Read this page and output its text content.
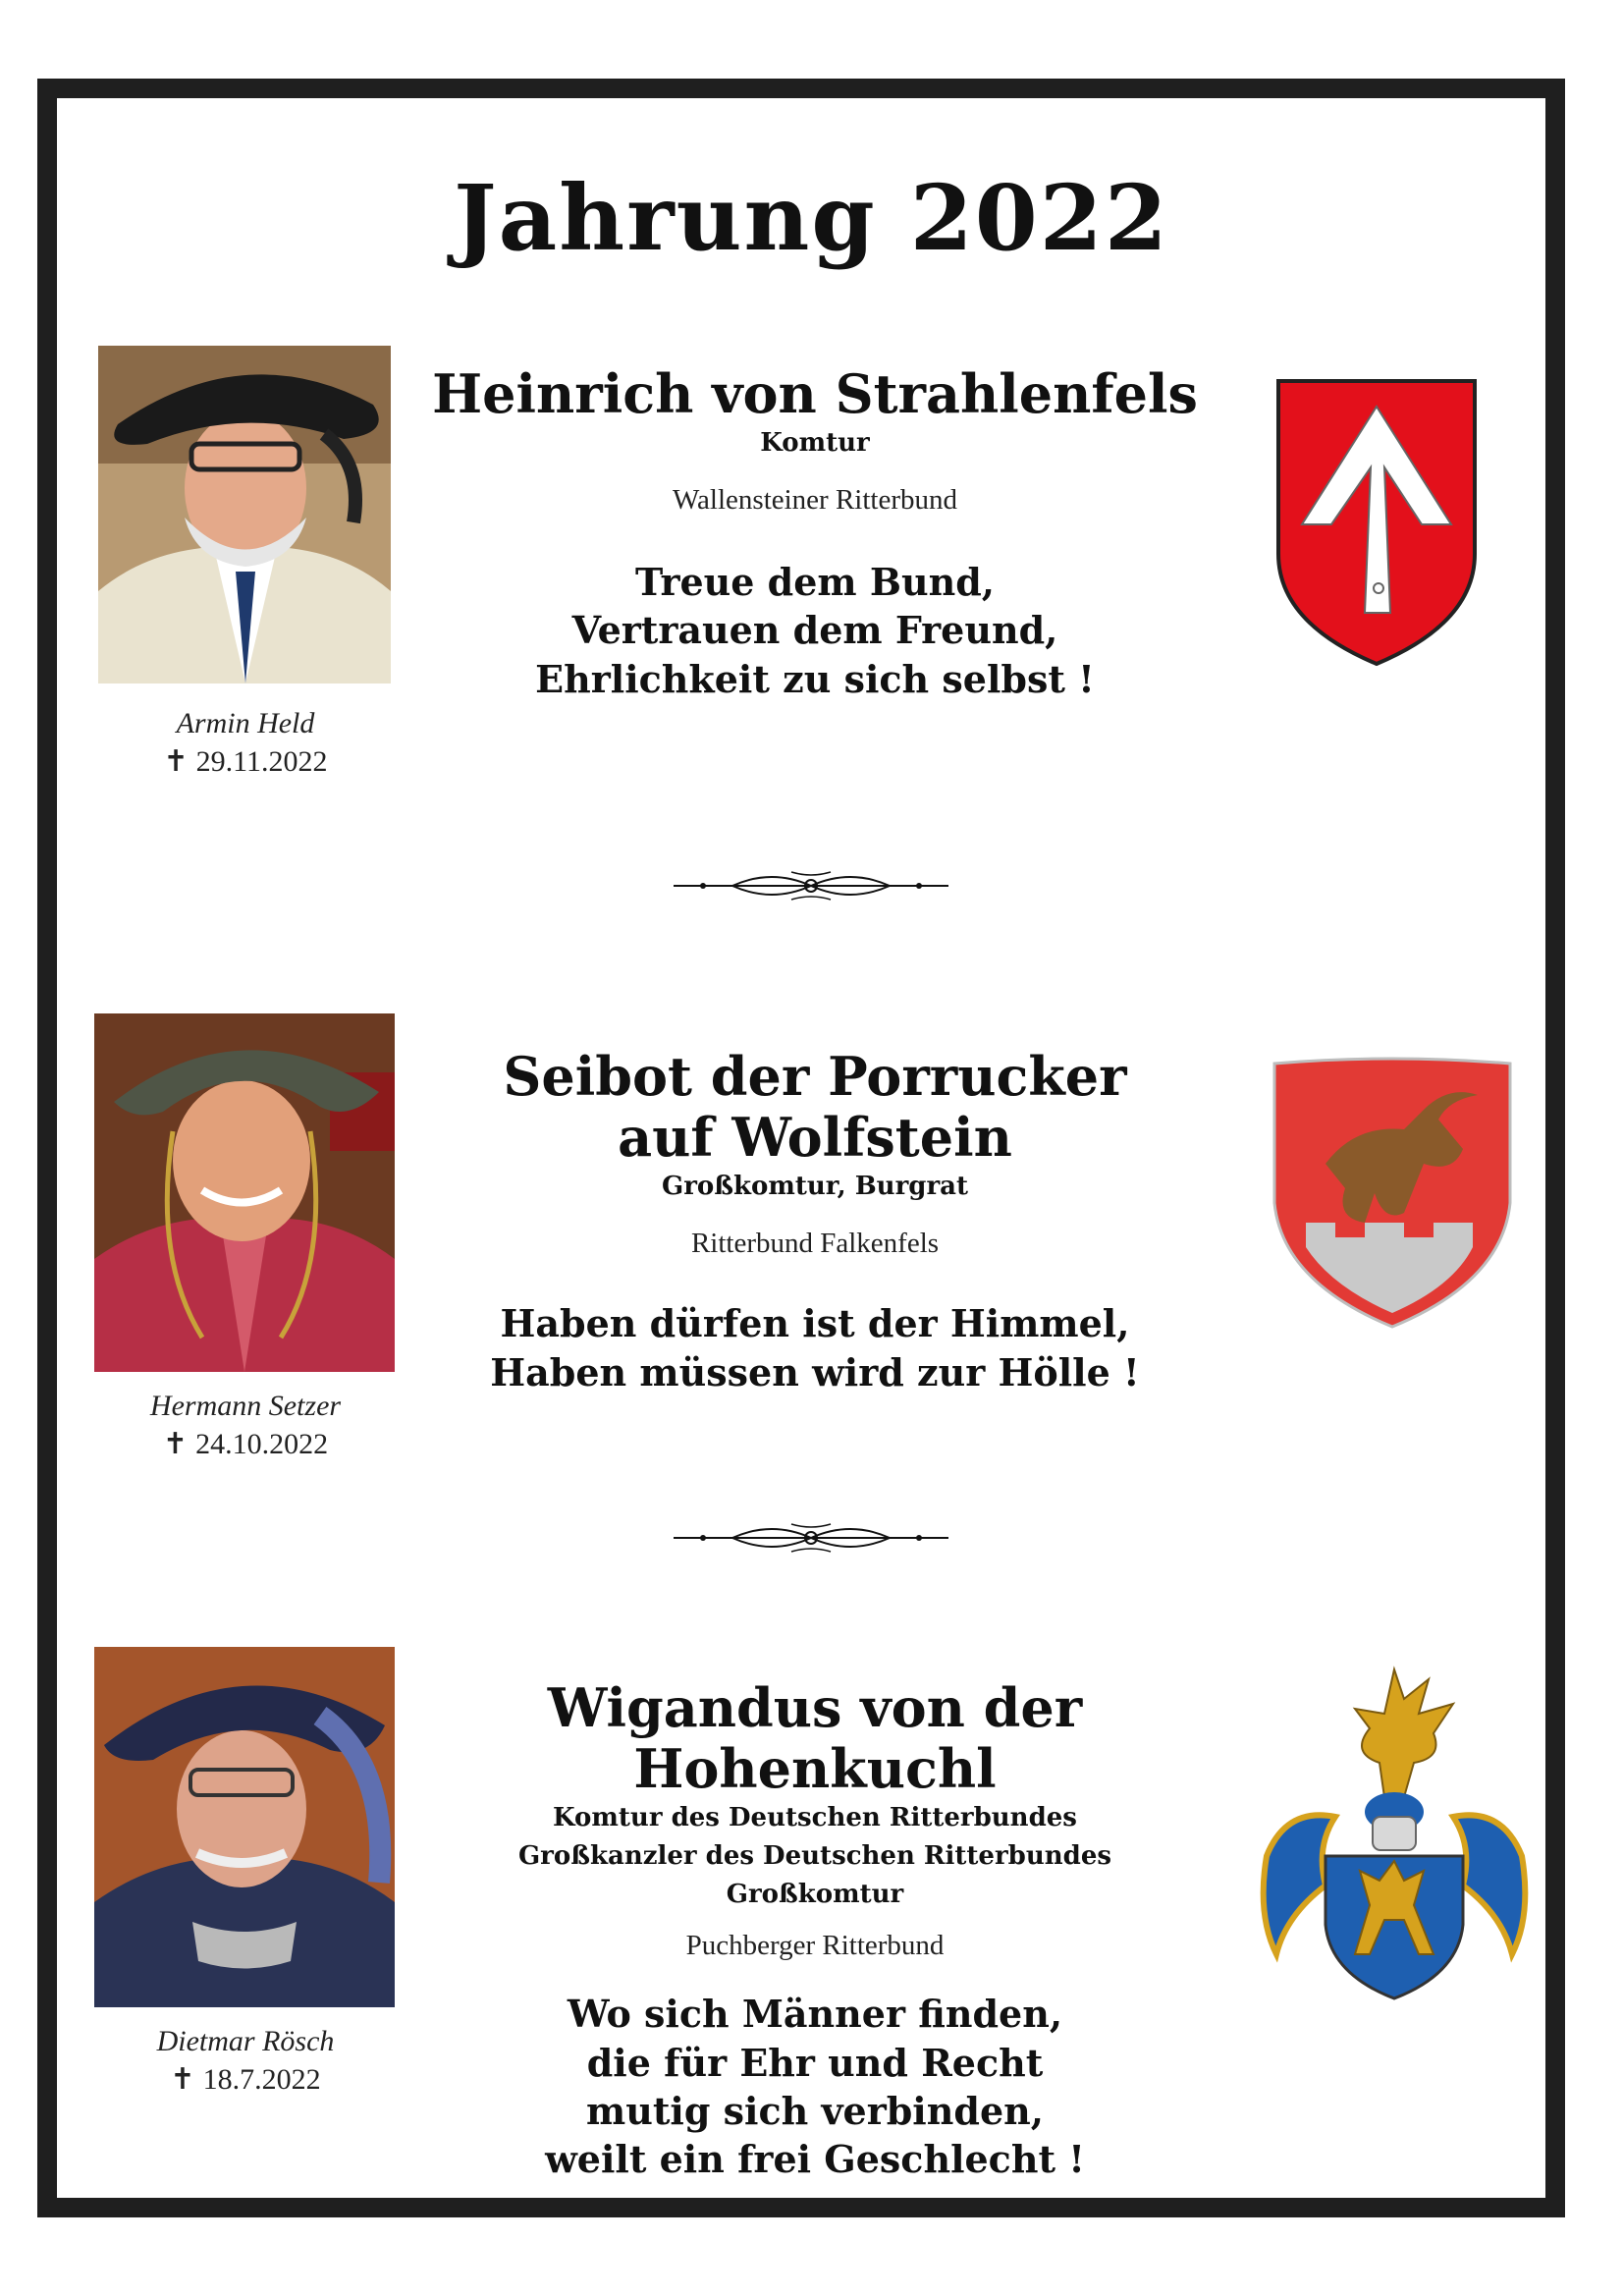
Jahrung 2022
Armin Held
✝ 29.11.2022
Heinrich von Strahlenfels
Komtur
Wallensteiner Ritterbund
Treue dem Bund,
Vertrauen dem Freund,
Ehrlichkeit zu sich selbst !
Hermann Setzer
✝ 24.10.2022
Seibot der Porrucker
auf Wolfstein
Großkomtur, Burgrat
Ritterbund Falkenfels
Haben dürfen ist der Himmel,
Haben müssen wird zur Hölle !
Dietmar Rösch
✝ 18.7.2022
Wigandus von der Hohenkuchl
Komtur des Deutschen Ritterbundes
Großkanzler des Deutschen Ritterbundes
Großkomtur
Puchberger Ritterbund
Wo sich Männer finden,
die für Ehr und Recht
mutig sich verbinden,
weilt ein frei Geschlecht !
